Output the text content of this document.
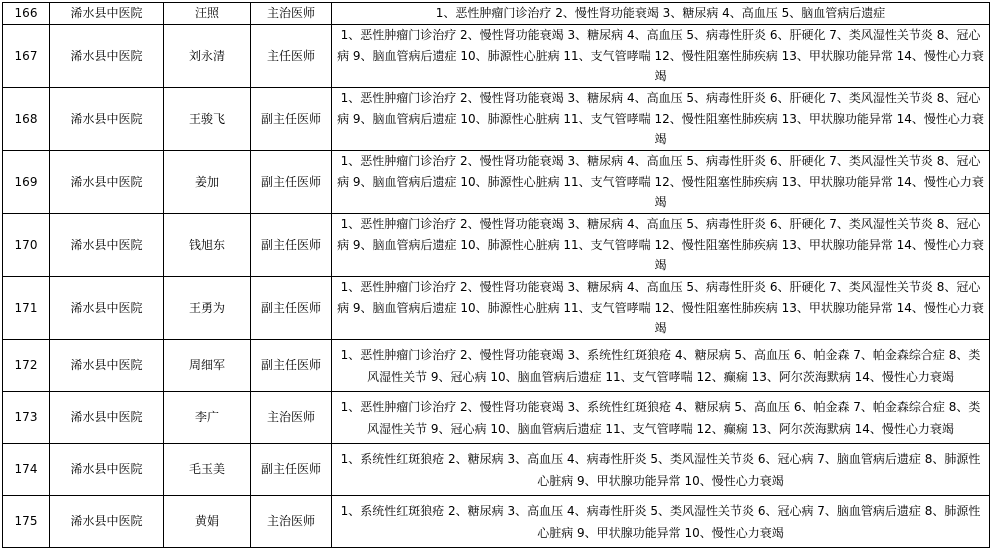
166	浠水县中医院	汪照	主治医师	1、恶性肿瘤门诊治疗 2、慢性肾功能衰竭 3、糖尿病 4、高血压 5、脑血管病后遗症
167	浠水县中医院	刘永清	主任医师	1、恶性肿瘤门诊治疗 2、慢性肾功能衰竭 3、糖尿病 4、高血压 5、病毒性肝炎 6、肝硬化 7、类风湿性关节炎 8、冠心病 9、脑血管病后遗症 10、肺源性心脏病 11、支气管哮喘 12、慢性阻塞性肺疾病 13、甲状腺功能异常 14、慢性心力衰竭
168	浠水县中医院	王骏飞	副主任医师	1、恶性肿瘤门诊治疗 2、慢性肾功能衰竭 3、糖尿病 4、高血压 5、病毒性肝炎 6、肝硬化 7、类风湿性关节炎 8、冠心病 9、脑血管病后遗症 10、肺源性心脏病 11、支气管哮喘 12、慢性阻塞性肺疾病 13、甲状腺功能异常 14、慢性心力衰竭
169	浠水县中医院	姜加	副主任医师	1、恶性肿瘤门诊治疗 2、慢性肾功能衰竭 3、糖尿病 4、高血压 5、病毒性肝炎 6、肝硬化 7、类风湿性关节炎 8、冠心病 9、脑血管病后遗症 10、肺源性心脏病 11、支气管哮喘 12、慢性阻塞性肺疾病 13、甲状腺功能异常 14、慢性心力衰竭
170	浠水县中医院	钱旭东	副主任医师	1、恶性肿瘤门诊治疗 2、慢性肾功能衰竭 3、糖尿病 4、高血压 5、病毒性肝炎 6、肝硬化 7、类风湿性关节炎 8、冠心病 9、脑血管病后遗症 10、肺源性心脏病 11、支气管哮喘 12、慢性阻塞性肺疾病 13、甲状腺功能异常 14、慢性心力衰竭
171	浠水县中医院	王勇为	副主任医师	1、恶性肿瘤门诊治疗 2、慢性肾功能衰竭 3、糖尿病 4、高血压 5、病毒性肝炎 6、肝硬化 7、类风湿性关节炎 8、冠心病 9、脑血管病后遗症 10、肺源性心脏病 11、支气管哮喘 12、慢性阻塞性肺疾病 13、甲状腺功能异常 14、慢性心力衰竭
172	浠水县中医院	周细军	副主任医师	1、恶性肿瘤门诊治疗 2、慢性肾功能衰竭 3、系统性红斑狼疮 4、糖尿病 5、高血压 6、帕金森 7、帕金森综合症 8、类风湿性关节 9、冠心病 10、脑血管病后遗症 11、支气管哮喘 12、癫痫 13、阿尔茨海默病 14、慢性心力衰竭
173	浠水县中医院	李广	主治医师	1、恶性肿瘤门诊治疗 2、慢性肾功能衰竭 3、系统性红斑狼疮 4、糖尿病 5、高血压 6、帕金森 7、帕金森综合症 8、类风湿性关节 9、冠心病 10、脑血管病后遗症 11、支气管哮喘 12、癫痫 13、阿尔茨海默病 14、慢性心力衰竭
174	浠水县中医院	毛玉美	副主任医师	1、系统性红斑狼疮 2、糖尿病 3、高血压 4、病毒性肝炎 5、类风湿性关节炎 6、冠心病 7、脑血管病后遗症 8、肺源性心脏病 9、甲状腺功能异常 10、慢性心力衰竭
175	浠水县中医院	黄娟	主治医师	1、系统性红斑狼疮 2、糖尿病 3、高血压 4、病毒性肝炎 5、类风湿性关节炎 6、冠心病 7、脑血管病后遗症 8、肺源性心脏病 9、甲状腺功能异常 10、慢性心力衰竭
